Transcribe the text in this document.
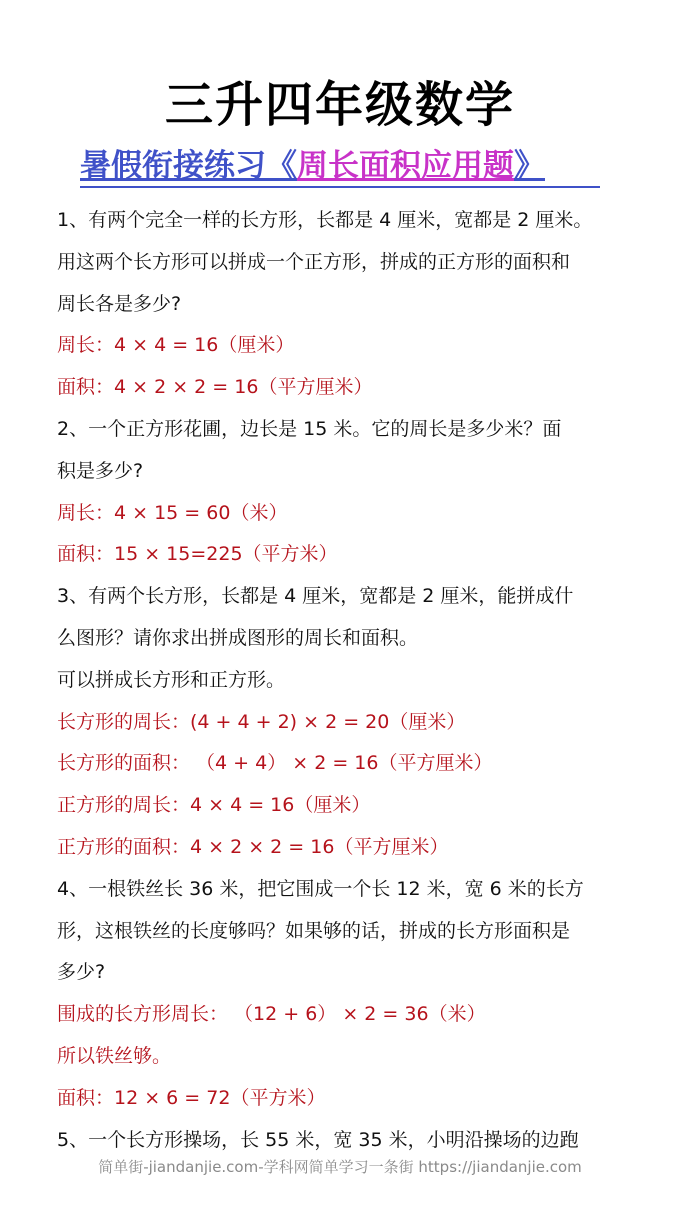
三升四年级数学
暑假衔接练习《周长面积应用题》
1、有两个完全一样的长方形，长都是 4 厘米，宽都是 2 厘米。
用这两个长方形可以拼成一个正方形，拼成的正方形的面积和
周长各是多少?
周长：4 × 4 = 16（厘米）
面积：4 × 2 × 2 = 16（平方厘米）
2、一个正方形花圃，边长是 15 米。它的周长是多少米？面
积是多少?
周长：4 × 15 = 60（米）
面积：15 × 15=225（平方米）
3、有两个长方形，长都是 4 厘米，宽都是 2 厘米，能拼成什
么图形？请你求出拼成图形的周长和面积。
可以拼成长方形和正方形。
长方形的周长：(4 + 4 + 2) × 2 = 20（厘米）
长方形的面积： （4 + 4） × 2 = 16（平方厘米）
正方形的周长：4 × 4 = 16（厘米）
正方形的面积：4 × 2 × 2 = 16（平方厘米）
4、一根铁丝长 36 米，把它围成一个长 12 米，宽 6 米的长方
形，这根铁丝的长度够吗？如果够的话，拼成的长方形面积是
多少?
围成的长方形周长： （12 + 6） × 2 = 36（米）
所以铁丝够。
面积：12 × 6 = 72（平方米）
5、一个长方形操场，长 55 米，宽 35 米，小明沿操场的边跑
简单街-jiandanjie.com-学科网简单学习一条街 https://jiandanjie.com
